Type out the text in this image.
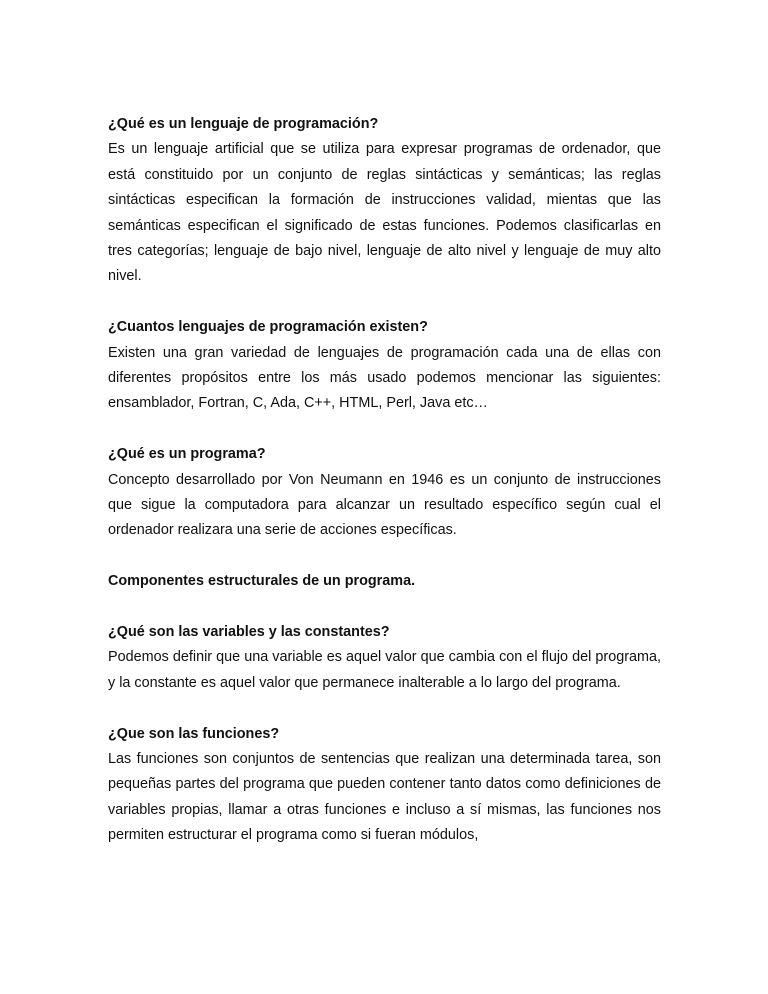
¿Qué es un lenguaje de programación?

Es un lenguaje artificial que se utiliza para expresar programas de ordenador, que está constituido por un conjunto de reglas sintácticas y semánticas; las reglas sintácticas especifican la formación de instrucciones validad, mientas que las semánticas especifican el significado de estas funciones. Podemos clasificarlas en tres categorías; lenguaje de bajo nivel, lenguaje de alto nivel y lenguaje de muy alto nivel.

¿Cuantos lenguajes de programación existen?

Existen una gran variedad de lenguajes de programación cada una de ellas con diferentes propósitos entre los más usado podemos mencionar las siguientes: ensamblador, Fortran, C, Ada, C++, HTML, Perl, Java etc…

¿Qué es un programa?

Concepto desarrollado por Von Neumann en 1946 es un conjunto de instrucciones que sigue la computadora para alcanzar un resultado específico según cual el ordenador realizara una serie de acciones específicas.

Componentes estructurales de un programa.

¿Qué son las variables y las constantes?

Podemos definir que una variable es aquel valor que cambia con el flujo del programa, y la constante es aquel valor que permanece inalterable a lo largo del programa.

¿Que son las funciones?

Las funciones son conjuntos de sentencias que realizan una determinada tarea, son pequeñas partes del programa que pueden contener tanto datos como definiciones de variables propias, llamar a otras funciones e incluso a sí mismas, las funciones nos permiten estructurar el programa como si fueran módulos,
